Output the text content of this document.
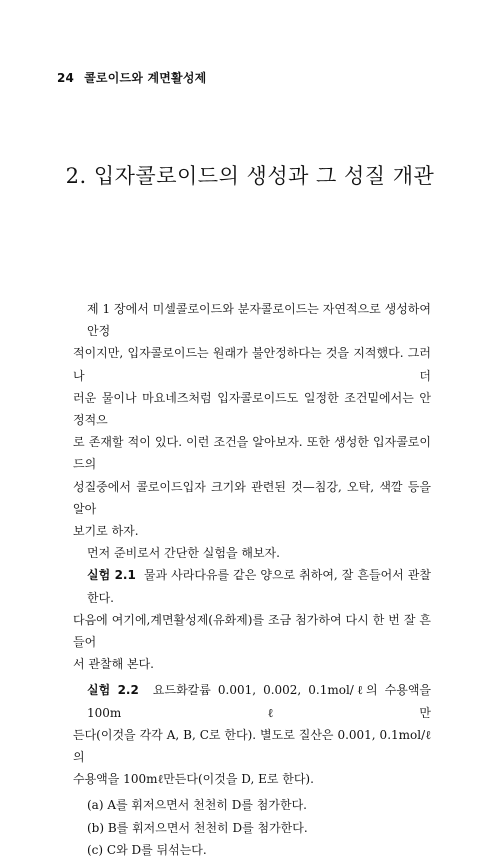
24 콜로이드와 계면활성제
2. 입자콜로이드의 생성과 그 성질 개관
제 1 장에서 미셀콜로이드와 분자콜로이드는 자연적으로 생성하여 안정
적이지만, 입자콜로이드는 원래가 불안정하다는 것을 지적했다. 그러나 더
러운 물이나 마요네즈처럼 입자콜로이드도 일정한 조건밑에서는 안정적으
로 존재할 적이 있다. 이런 조건을 알아보자. 또한 생성한 입자콜로이드의
성질중에서 콜로이드입자 크기와 관련된 것—침강, 오탁, 색깔 등을 알아
보기로 하자.
먼저 준비로서 간단한 실험을 해보자.
실험 2.1 물과 사라다유를 같은 양으로 취하여, 잘 흔들어서 관찰한다.
다음에 여기에,계면활성제(유화제)를 조금 첨가하여 다시 한 번 잘 흔들어
서 관찰해 본다.
실험 2.2 요드화칼륨 0.001, 0.002, 0.1mol/ℓ의 수용액을 100mℓ만
든다(이것을 각각 A, B, C로 한다). 별도로 질산은 0.001, 0.1mol/ℓ의
수용액을 100mℓ만든다(이것을 D, E로 한다).
(a) A를 휘저으면서 천천히 D를 첨가한다.
(b) B를 휘저으면서 천천히 D를 첨가한다.
(c) C와 D를 뒤섞는다.
